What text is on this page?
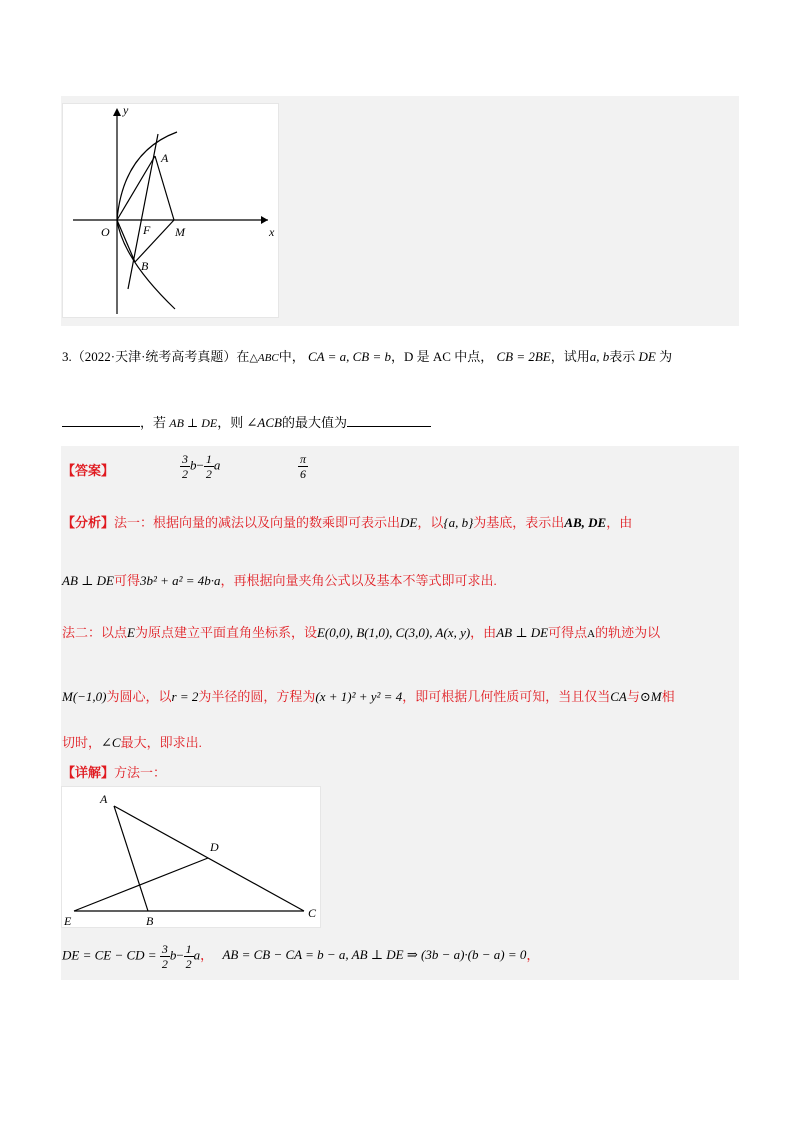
y
x
O	F M
A
B
3.（2022·天津·统考高考真题）在△ABC中， CA = a, CB = b，D 是 AC 中点， CB = 2BE，试用a, b表示 DE 为
，若 AB ⊥ DE，则 ∠ACB的最大值为
【答案】	$\frac{3}{2} b- \frac{1}{2}$ a	$\frac{\pi}{6}$
【分析】法一：根据向量的减法以及向量的数乘即可表示出DE，以{a, b}为基底，表示出AB, DE，由
AB ⊥ DE可得3b² + a² = 4b·a，再根据向量夹角公式以及基本不等式即可求出.
法二：以点E为原点建立平面直角坐标系，设E(0,0), B(1,0), C(3,0), A(x, y)，由AB ⊥ DE可得点A的轨迹为以
M(−1,0)为圆心，以r = 2为半径的圆，方程为(x + 1)² + y² = 4，即可根据几何性质可知，当且仅当CA与⊙M相
切时，∠C最大，即求出.
【详解】方法一：
A
D
E	B
C
DE = CE − CD = $\frac{3}{2} b- \frac{1}{2}$ a， AB = CB − CA = b − a, AB ⊥ DE ⇒ (3b − a)·(b − a) = 0，
